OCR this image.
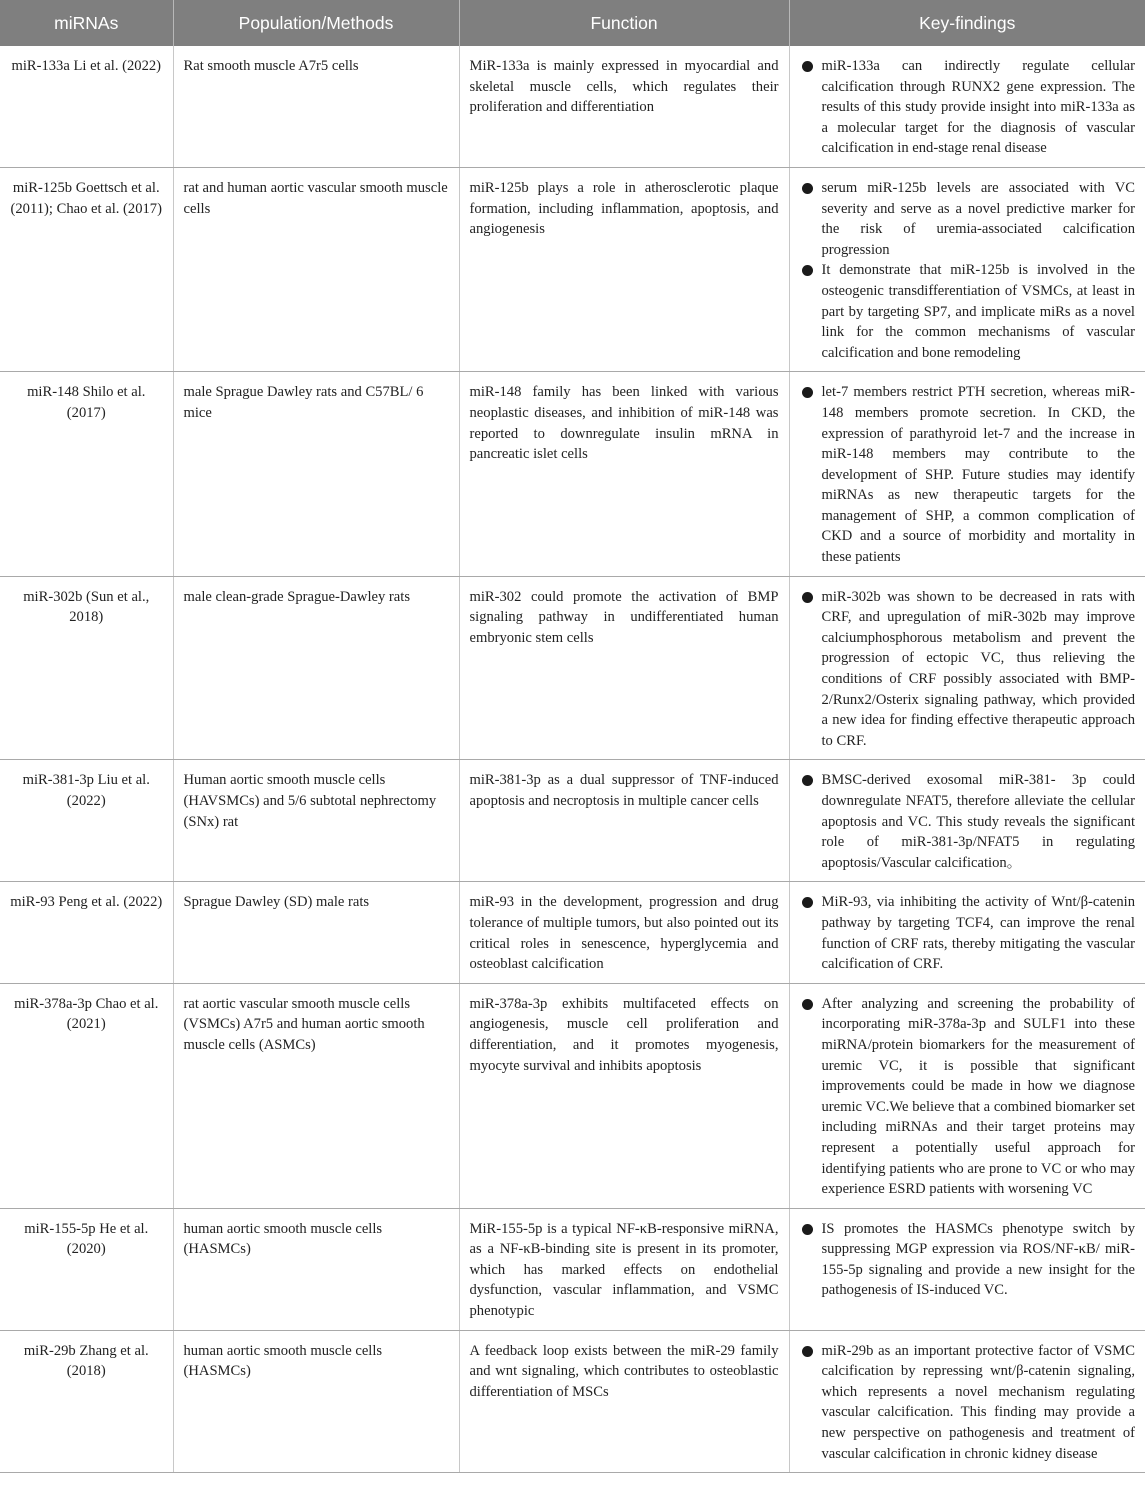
miRNAs	Population/Methods	Function	Key-findings
miR-133a Li et al. (2022)	Rat smooth muscle A7r5 cells	MiR-133a is mainly expressed in myocardial and skeletal muscle cells, which regulates their proliferation and differentiation	miR-133a can indirectly regulate cellular calcification through RUNX2 gene expression. The results of this study provide insight into miR-133a as a molecular target for the diagnosis of vascular calcification in end-stage renal disease

miR-125b Goettsch et al. (2011); Chao et al. (2017)	rat and human aortic vascular smooth muscle cells	miR-125b plays a role in atherosclerotic plaque formation, including inflammation, apoptosis, and angiogenesis	serum miR-125b levels are associated with VC severity and serve as a novel predictive marker for the risk of uremia-associated calcification progression
It demonstrate that miR-125b is involved in the osteogenic transdifferentiation of VSMCs, at least in part by targeting SP7, and implicate miRs as a novel link for the common mechanisms of vascular calcification and bone remodeling

miR-148 Shilo et al. (2017)	male Sprague Dawley rats and C57BL/ 6 mice	miR-148 family has been linked with various neoplastic diseases, and inhibition of miR-148 was reported to downregulate insulin mRNA in pancreatic islet cells	let-7 members restrict PTH secretion, whereas miR-148 members promote secretion. In CKD, the expression of parathyroid let-7 and the increase in miR-148 members may contribute to the development of SHP. Future studies may identify miRNAs as new therapeutic targets for the management of SHP, a common complication of CKD and a source of morbidity and mortality in these patients

miR-302b (Sun et al., 2018)	male clean-grade Sprague-Dawley rats	miR-302 could promote the activation of BMP signaling pathway in undifferentiated human embryonic stem cells	miR-302b was shown to be decreased in rats with CRF, and upregulation of miR-302b may improve calciumphosphorous metabolism and prevent the progression of ectopic VC, thus relieving the conditions of CRF possibly associated with BMP-2/Runx2/Osterix signaling pathway, which provided a new idea for finding effective therapeutic approach to CRF.

miR-381-3p Liu et al. (2022)	Human aortic smooth muscle cells (HAVSMCs) and 5/6 subtotal nephrectomy (SNx) rat	miR-381-3p as a dual suppressor of TNF-induced apoptosis and necroptosis in multiple cancer cells	BMSC-derived exosomal miR-381- 3p could downregulate NFAT5, therefore alleviate the cellular apoptosis and VC. This study reveals the significant role of miR-381-3p/NFAT5 in regulating apoptosis/Vascular calcification。

miR-93 Peng et al. (2022)	Sprague Dawley (SD) male rats	miR-93 in the development, progression and drug tolerance of multiple tumors, but also pointed out its critical roles in senescence, hyperglycemia and osteoblast calcification	MiR-93, via inhibiting the activity of Wnt/β-catenin pathway by targeting TCF4, can improve the renal function of CRF rats, thereby mitigating the vascular calcification of CRF.

miR-378a-3p Chao et al. (2021)	rat aortic vascular smooth muscle cells (VSMCs) A7r5 and human aortic smooth muscle cells (ASMCs)	miR-378a-3p exhibits multifaceted effects on angiogenesis, muscle cell proliferation and differentiation, and it promotes myogenesis, myocyte survival and inhibits apoptosis	After analyzing and screening the probability of incorporating miR-378a-3p and SULF1 into these miRNA/protein biomarkers for the measurement of uremic VC, it is possible that significant improvements could be made in how we diagnose uremic VC.We believe that a combined biomarker set including miRNAs and their target proteins may represent a potentially useful approach for identifying patients who are prone to VC or who may experience ESRD patients with worsening VC

miR-155-5p He et al. (2020)	human aortic smooth muscle cells (HASMCs)	MiR-155-5p is a typical NF-κB-responsive miRNA, as a NF-κB-binding site is present in its promoter, which has marked effects on endothelial dysfunction, vascular inflammation, and VSMC phenotypic	IS promotes the HASMCs phenotype switch by suppressing MGP expression via ROS/NF-κB/ miR-155-5p signaling and provide a new insight for the pathogenesis of IS-induced VC.

miR-29b Zhang et al. (2018)	human aortic smooth muscle cells (HASMCs)	A feedback loop exists between the miR-29 family and wnt signaling, which contributes to osteoblastic differentiation of MSCs	miR-29b as an important protective factor of VSMC calcification by repressing wnt/β-catenin signaling, which represents a novel mechanism regulating vascular calcification. This finding may provide a new perspective on pathogenesis and treatment of vascular calcification in chronic kidney disease
